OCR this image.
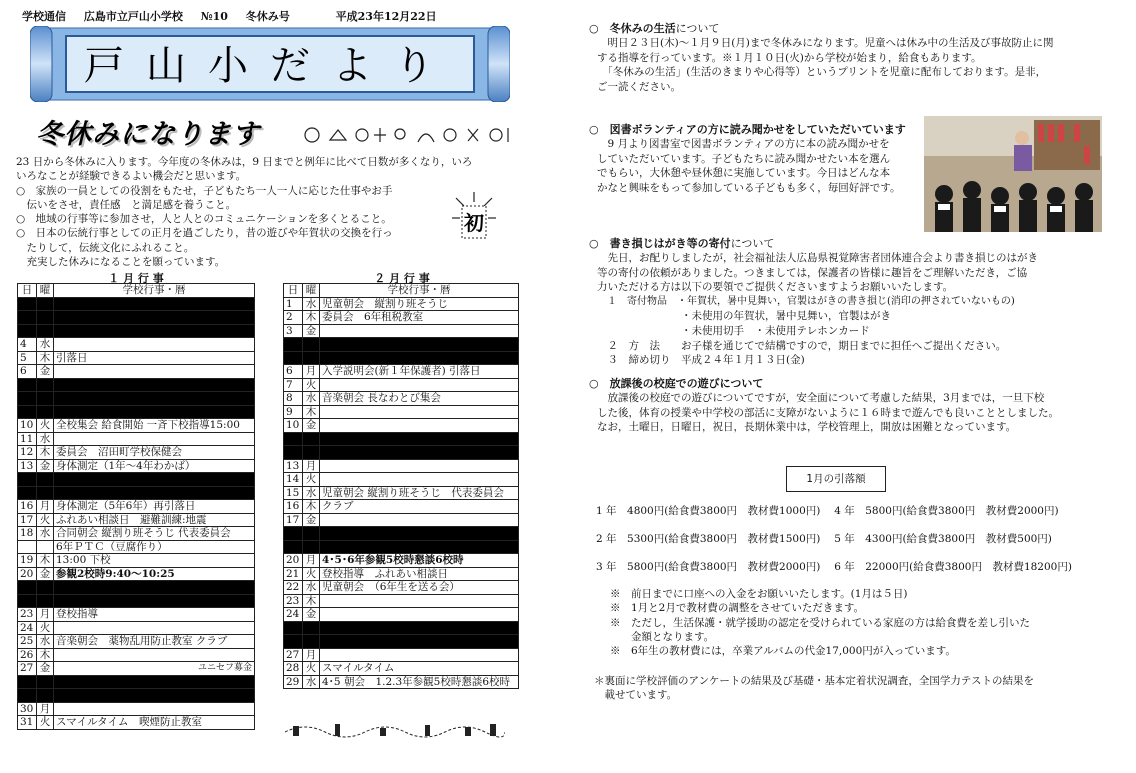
学校通信 広島市立戸山小学校 №10 冬休み号	平成23年12月22日
戸山小だより
冬休みになります

23 日から冬休みに入ります。今年度の冬休みは，9 日までと例年に比べて日数が多くなり，いろ

いろなことが経験できるよい機会だと思います。

○　家族の一員としての役割をもたせ，子どもたち一人一人に応じた仕事やお手

　伝いをさせ，責任感　と満足感を養うこと。

○　地域の行事等に参加させ，人と人とのコミュニケーションを多くとること。

○　日本の伝統行事としての正月を過ごしたり，昔の遊びや年賀状の交換を行っ

　たりして，伝統文化にふれること。

　充実した休みになることを願っています。

初
１ 月 行 事
日	曜	学校行事・暦

4	水	
5	木	引落日
6	金	

10	火	全校集会 給食開始 一斉下校指導15:00
11	水	
12	木	委員会　沼田町学校保健会
13	金	身体測定（1年～4年わかば）

16	月	身体測定（5年6年）再引落日
17	火	ふれあい相談日　避難訓練:地震
18	水	合同朝会 縦割り班そうじ 代表委員会
		6年ＰＴＣ（豆腐作り）
19	木	13:00 下校
20	金	参観2校時9:40～10:25

23	月	登校指導
24	火	
25	水	音楽朝会　薬物乱用防止教室 クラブ
26	木	
27	金	ユニセフ募金

30	月	
31	火	スマイルタイム　喫煙防止教室
２ 月 行 事
日	曜	学校行事・暦
1	水	児童朝会　縦割り班そうじ
2	木	委員会　6年租税教室
3	金	

6	月	入学説明会(新１年保護者) 引落日
7	火	
8	水	音楽朝会 長なわとび集会
9	木	
10	金	

13	月	
14	火	
15	水	児童朝会 縦割り班そうじ　代表委員会
16	木	クラブ
17	金	

20	月	4･5･6年参観5校時懇談6校時
21	火	登校指導　ふれあい相談日
22	水	児童朝会　（6年生を送る会）
23	木	
24	金	

27	月	
28	火	スマイルタイム
29	水	4･5 朝会　1.2.3年参観5校時懇談6校時
○　 冬休みの生活について

　明日２３日(木)～１月９日(月)まで冬休みになります。児童へは休み中の生活及び事故防止に関

する指導を行っています。※１月１０日(火)から学校が始まり，給食もあります。

　「冬休みの生活」(生活のきまりや心得等）というプリントを児童に配布しております。是非，

ご一読ください。

○　 図書ボランティアの方に読み聞かせをしていただいています

　9 月より図書室で図書ボランティアの方に本の読み聞かせを

していただいています。子どもたちに読み聞かせたい本を選ん

でもらい，大休憩や昼休憩に実施しています。今日はどんな本

かなと興味をもって参加している子どもも多く，毎回好評です。

○　 書き損じはがき等の寄付について

　先日，お配りしましたが，社会福祉法人広島県視覚障害者団体連合会より書き損じのはがき

等の寄付の依頼がありました。つきましては，保護者の皆様に趣旨をご理解いただき，ご協

力いただける方は以下の要領でご提供くださいますようお願いいたします。

　１　寄付物品　・年賀状，暑中見舞い，官製はがきの書き損じ(消印の押されていないもの)

　　　　　　　　・未使用の年賀状，暑中見舞い，官製はがき

　　　　　　　　・未使用切手　・未使用テレホンカード

　２　方　法　　お子様を通じてで結構ですので，期日までに担任へご提出ください。

　３　締め切り　平成２４年１月１３日(金)

○　 放課後の校庭での遊びについて

　放課後の校庭での遊びについてですが，安全面について考慮した結果，3月までは，一旦下校

した後，体育の授業や中学校の部活に支障がないように１６時まで遊んでも良いこととしました。

なお，土曜日，日曜日，祝日，長期休業中は，学校管理上，開放は困難となっています。

1月の引落額
1 年　4800円(給食費3800円　教材費1000円)　 4 年　5800円(給食費3800円　教材費2000円)
2 年　5300円(給食費3800円　教材費1500円)　 5 年　4300円(給食費3800円　教材費500円)
3 年　5800円(給食費3800円　教材費2000円)　 6 年　22000円(給食費3800円　教材費18200円)

※　前日までに口座への入金をお願いいたします。(1月は５日)

※　1月と2月で教材費の調整をさせていただきます。

※　ただし，生活保護・就学援助の認定を受けられている家庭の方は給食費を差し引いた

　　金額となります。

※　6年生の教材費には，卒業アルバムの代金17,000円が入っています。

＊裏面に学校評価のアンケートの結果及び基礎・基本定着状況調査，全国学力テストの結果を

　載せています。
